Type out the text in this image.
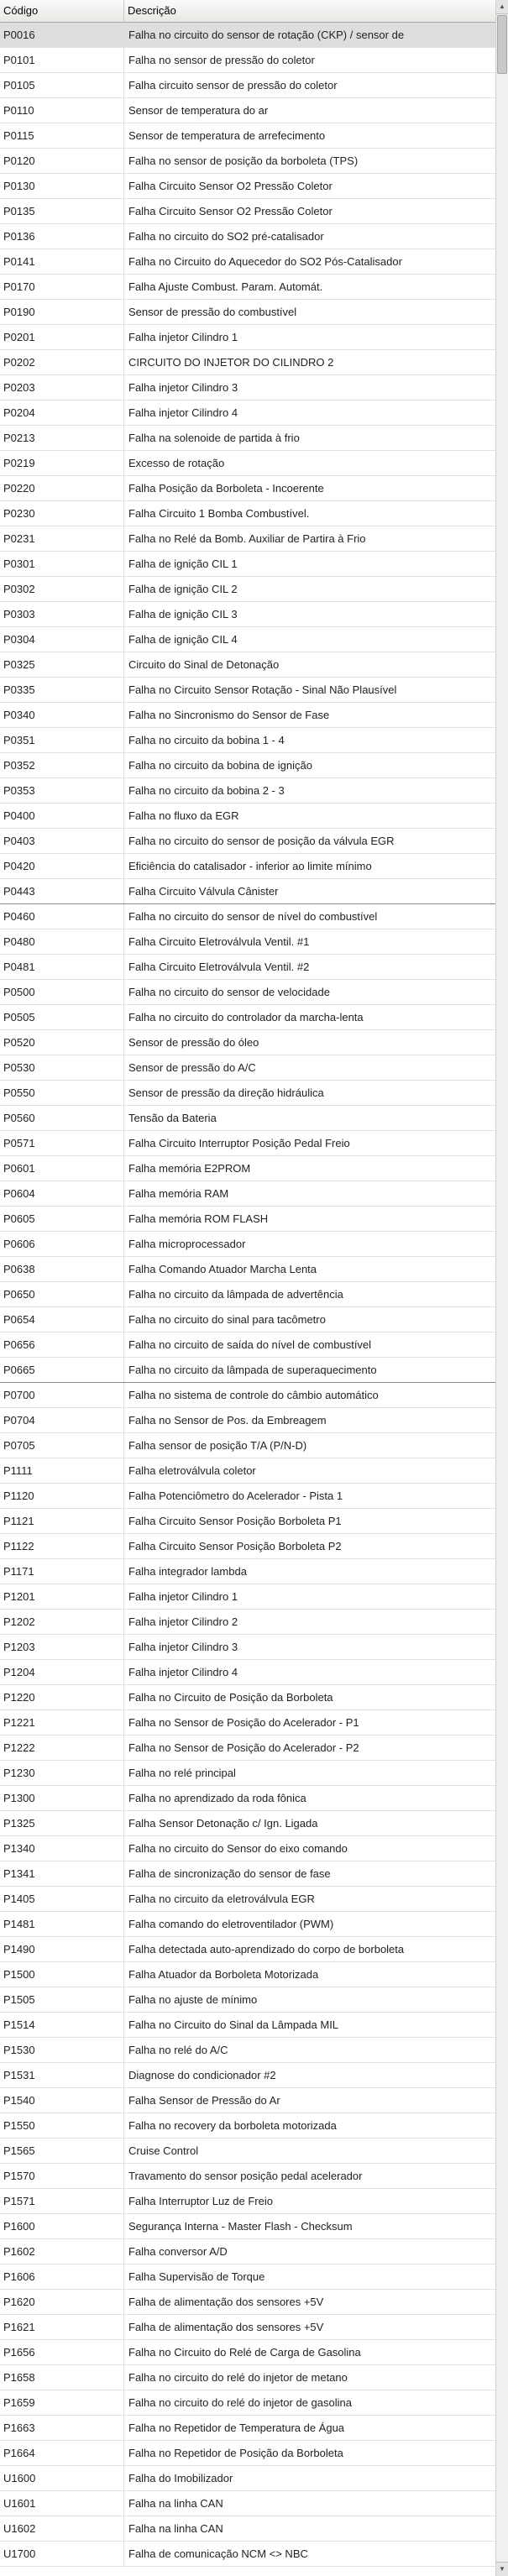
Código	Descrição
P0016	Falha no circuito do sensor de rotação (CKP) / sensor de
P0101	Falha no sensor de pressão do coletor
P0105	Falha circuito sensor de pressão do coletor
P0110	Sensor de temperatura do ar
P0115	Sensor de temperatura de arrefecimento
P0120	Falha no sensor de posição da borboleta (TPS)
P0130	Falha Circuito Sensor O2 Pressão Coletor
P0135	Falha Circuito Sensor O2 Pressão Coletor
P0136	Falha no circuito do SO2 pré-catalisador
P0141	Falha no Circuito do Aquecedor do SO2 Pós-Catalisador
P0170	Falha Ajuste Combust. Param. Automát.
P0190	Sensor de pressão do combustível
P0201	Falha injetor Cilindro 1
P0202	CIRCUITO DO INJETOR DO CILINDRO 2
P0203	Falha injetor Cilindro 3
P0204	Falha injetor Cilindro 4
P0213	Falha na solenoide de partida à frio
P0219	Excesso de rotação
P0220	Falha Posição da Borboleta - Incoerente
P0230	Falha Circuito 1 Bomba Combustível.
P0231	Falha no Relé da Bomb. Auxiliar de Partira à Frio
P0301	Falha de ignição CIL 1
P0302	Falha de ignição CIL 2
P0303	Falha de ignição CIL 3
P0304	Falha de ignição CIL 4
P0325	Circuito do Sinal de Detonação
P0335	Falha no Circuito Sensor Rotação - Sinal Não Plausível
P0340	Falha no Sincronismo do Sensor de Fase
P0351	Falha no circuito da bobina 1 - 4
P0352	Falha no circuito da bobina de ignição
P0353	Falha no circuito da bobina 2 - 3
P0400	Falha no fluxo da EGR
P0403	Falha no circuito do sensor de posição da válvula EGR
P0420	Eficiência do catalisador - inferior ao limite mínimo
P0443	Falha Circuito Válvula Cânister
P0460	Falha no circuito do sensor de nível do combustível
P0480	Falha Circuito Eletroválvula Ventil. #1
P0481	Falha Circuito Eletroválvula Ventil. #2
P0500	Falha no circuito do sensor de velocidade
P0505	Falha no circuito do controlador da marcha-lenta
P0520	Sensor de pressão do óleo
P0530	Sensor de pressão do A/C
P0550	Sensor de pressão da direção hidráulica
P0560	Tensão da Bateria
P0571	Falha Circuito Interruptor Posição Pedal Freio
P0601	Falha memória E2PROM
P0604	Falha memória RAM
P0605	Falha memória ROM FLASH
P0606	Falha microprocessador
P0638	Falha Comando Atuador Marcha Lenta
P0650	Falha no circuito da lâmpada de advertência
P0654	Falha no circuito do sinal para tacômetro
P0656	Falha no circuito de saída do nível de combustível
P0665	Falha no circuito da lâmpada de superaquecimento
P0700	Falha no sistema de controle do câmbio automático
P0704	Falha no Sensor de Pos. da Embreagem
P0705	Falha sensor de posição T/A (P/N-D)
P1111	Falha eletroválvula coletor
P1120	Falha Potenciômetro do Acelerador - Pista 1
P1121	Falha Circuito Sensor Posição Borboleta P1
P1122	Falha Circuito Sensor Posição Borboleta P2
P1171	Falha integrador lambda
P1201	Falha injetor Cilindro 1
P1202	Falha injetor Cilindro 2
P1203	Falha injetor Cilindro 3
P1204	Falha injetor Cilindro 4
P1220	Falha no Circuito de Posição da Borboleta
P1221	Falha no Sensor de Posição do Acelerador - P1
P1222	Falha no Sensor de Posição do Acelerador - P2
P1230	Falha no relé principal
P1300	Falha no aprendizado da roda fônica
P1325	Falha Sensor Detonação c/ Ign. Ligada
P1340	Falha no circuito do Sensor do eixo comando
P1341	Falha de sincronização do sensor de fase
P1405	Falha no circuito da eletroválvula EGR
P1481	Falha comando do eletroventilador (PWM)
P1490	Falha detectada auto-aprendizado do corpo de borboleta
P1500	Falha Atuador da Borboleta Motorizada
P1505	Falha no ajuste de mínimo
P1514	Falha no Circuito do Sinal da Lâmpada MIL
P1530	Falha no relé do A/C
P1531	Diagnose do condicionador #2
P1540	Falha Sensor de Pressão do Ar
P1550	Falha no recovery da borboleta motorizada
P1565	Cruise Control
P1570	Travamento do sensor posição pedal acelerador
P1571	Falha Interruptor Luz de Freio
P1600	Segurança Interna - Master Flash - Checksum
P1602	Falha conversor A/D
P1606	Falha Supervisão de Torque
P1620	Falha de alimentação dos sensores +5V
P1621	Falha de alimentação dos sensores +5V
P1656	Falha no Circuito do Relé de Carga de Gasolina
P1658	Falha no circuito do relé do injetor de metano
P1659	Falha no circuito do relé do injetor de gasolina
P1663	Falha no Repetidor de Temperatura de Água
P1664	Falha no Repetidor de Posição da Borboleta
U1600	Falha do Imobilizador
U1601	Falha na linha CAN
U1602	Falha na linha CAN
U1700	Falha de comunicação NCM <> NBC
▲
▼
